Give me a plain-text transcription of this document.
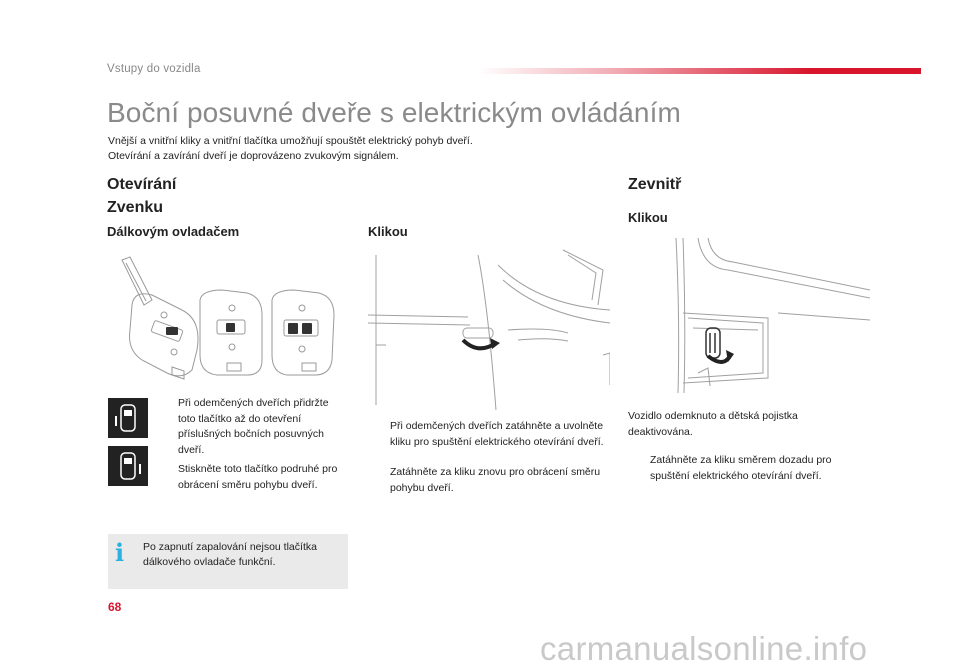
Vstupy do vozidla
Boční posuvné dveře s elektrickým ovládáním
Vnější a vnitřní kliky a vnitřní tlačítka umožňují spouštět elektrický pohyb dveří.
Otevírání a zavírání dveří je doprovázeno zvukovým signálem.
Otevírání
Zvenku
Dálkovým ovladačem
Při odemčených dveřích přidržte toto tlačítko až do otevření příslušných bočních posuvných dveří.
Stiskněte toto tlačítko podruhé pro obrácení směru pohybu dveří.
i Po zapnutí zapalování nejsou tlačítka dálkového ovladače funkční.
Klikou
Při odemčených dveřích zatáhněte a uvolněte kliku pro spuštění elektrického otevírání dveří.
Zatáhněte za kliku znovu pro obrácení směru pohybu dveří.
Zevnitř
Klikou
Vozidlo odemknuto a dětská pojistka deaktivována.
Zatáhněte za kliku směrem dozadu pro spuštění elektrického otevírání dveří.
68
carmanualsonline.info
